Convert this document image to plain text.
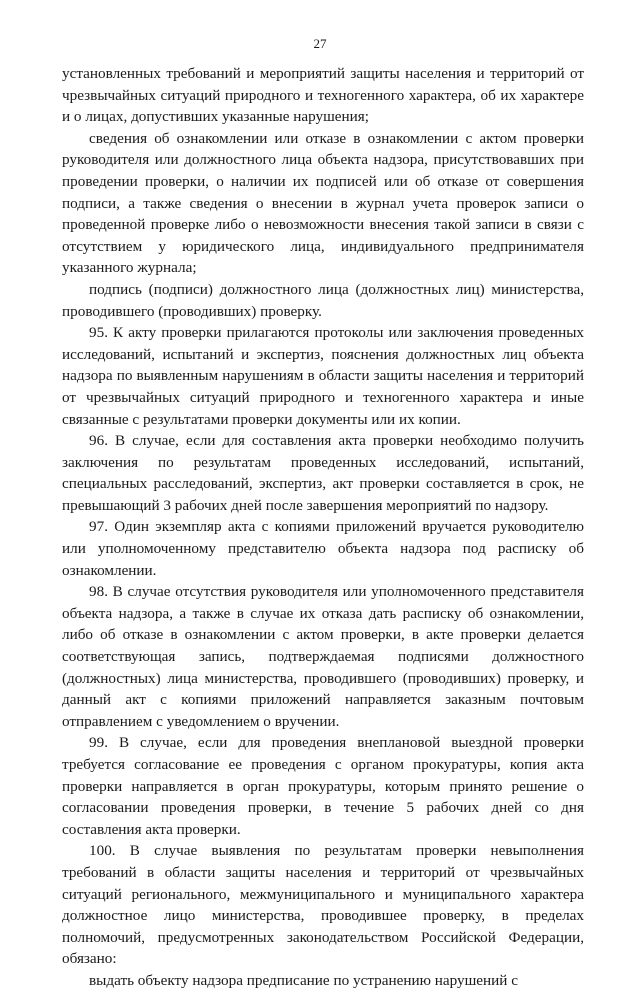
27

установленных требований и мероприятий защиты населения и территорий от чрезвычайных ситуаций природного и техногенного характера, об их характере и о лицах, допустивших указанные нарушения;

сведения об ознакомлении или отказе в ознакомлении с актом проверки руководителя или должностного лица объекта надзора, присутствовавших при проведении проверки, о наличии их подписей или об отказе от совершения подписи, а также сведения о внесении в журнал учета проверок записи о проведенной проверке либо о невозможности внесения такой записи в связи с отсутствием у юридического лица, индивидуального предпринимателя указанного журнала;

подпись (подписи) должностного лица (должностных лиц) министерства, проводившего (проводивших) проверку.

95. К акту проверки прилагаются протоколы или заключения проведенных исследований, испытаний и экспертиз, пояснения должностных лиц объекта надзора по выявленным нарушениям в области защиты населения и территорий от чрезвычайных ситуаций природного и техногенного характера и иные связанные с результатами проверки документы или их копии.

96. В случае, если для составления акта проверки необходимо получить заключения по результатам проведенных исследований, испытаний, специальных расследований, экспертиз, акт проверки составляется в срок, не превышающий 3 рабочих дней после завершения мероприятий по надзору.

97. Один экземпляр акта с копиями приложений вручается руководителю или уполномоченному представителю объекта надзора под расписку об ознакомлении.

98. В случае отсутствия руководителя или уполномоченного представителя объекта надзора, а также в случае их отказа дать расписку об ознакомлении, либо об отказе в ознакомлении с актом проверки, в акте проверки делается соответствующая запись, подтверждаемая подписями должностного (должностных) лица министерства, проводившего (проводивших) проверку, и данный акт с копиями приложений направляется заказным почтовым отправлением с уведомлением о вручении.

99. В случае, если для проведения внеплановой выездной проверки требуется согласование ее проведения с органом прокуратуры, копия акта проверки направляется в орган прокуратуры, которым принято решение о согласовании проведения проверки, в течение 5 рабочих дней со дня составления акта проверки.

100. В случае выявления по результатам проверки невыполнения требований в области защиты населения и территорий от чрезвычайных ситуаций регионального, межмуниципального и муниципального характера должностное лицо министерства, проводившее проверку, в пределах полномочий, предусмотренных законодательством Российской Федерации, обязано:

выдать объекту надзора предписание по устранению нарушений с
